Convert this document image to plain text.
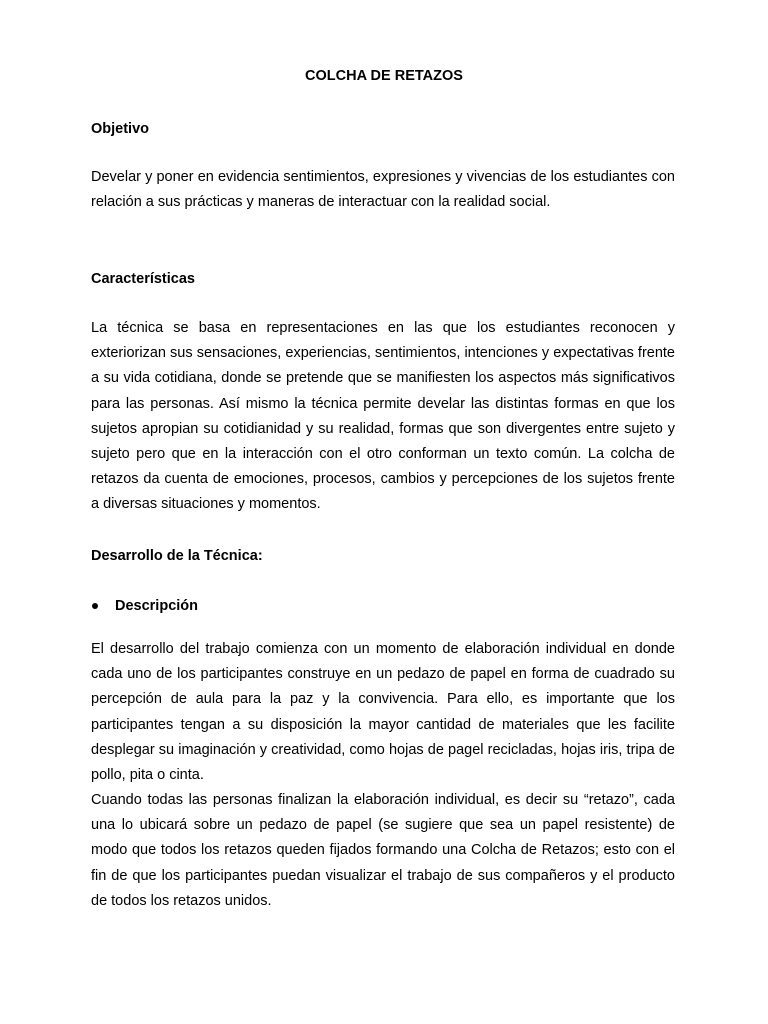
COLCHA DE RETAZOS

Objetivo

Develar y poner en evidencia sentimientos, expresiones y vivencias de los estudiantes con relación a sus prácticas y maneras de interactuar con la realidad social.

Características

La técnica se basa en representaciones en las que los estudiantes reconocen y exteriorizan sus sensaciones, experiencias, sentimientos, intenciones y expectativas frente a su vida cotidiana, donde se pretende que se manifiesten los aspectos más significativos para las personas. Así mismo la técnica permite develar las distintas formas en que los sujetos apropian su cotidianidad y su realidad, formas que son divergentes entre sujeto y sujeto pero que en la interacción con el otro conforman un texto común. La colcha de retazos da cuenta de emociones, procesos, cambios y percepciones de los sujetos frente a diversas situaciones y momentos.

Desarrollo de la Técnica:

Descripción

El desarrollo del trabajo comienza con un momento de elaboración individual en donde cada uno de los participantes construye en un pedazo de papel en forma de cuadrado su percepción de aula para la paz y la convivencia. Para ello, es importante que los participantes tengan a su disposición la mayor cantidad de materiales que les facilite desplegar su imaginación y creatividad, como hojas de pagel recicladas, hojas iris, tripa de pollo, pita o cinta.

Cuando todas las personas finalizan la elaboración individual, es decir su “retazo”, cada una lo ubicará sobre un pedazo de papel (se sugiere que sea un papel resistente) de modo que todos los retazos queden fijados formando una Colcha de Retazos; esto con el fin de que los participantes puedan visualizar el trabajo de sus compañeros y el producto de todos los retazos unidos.
